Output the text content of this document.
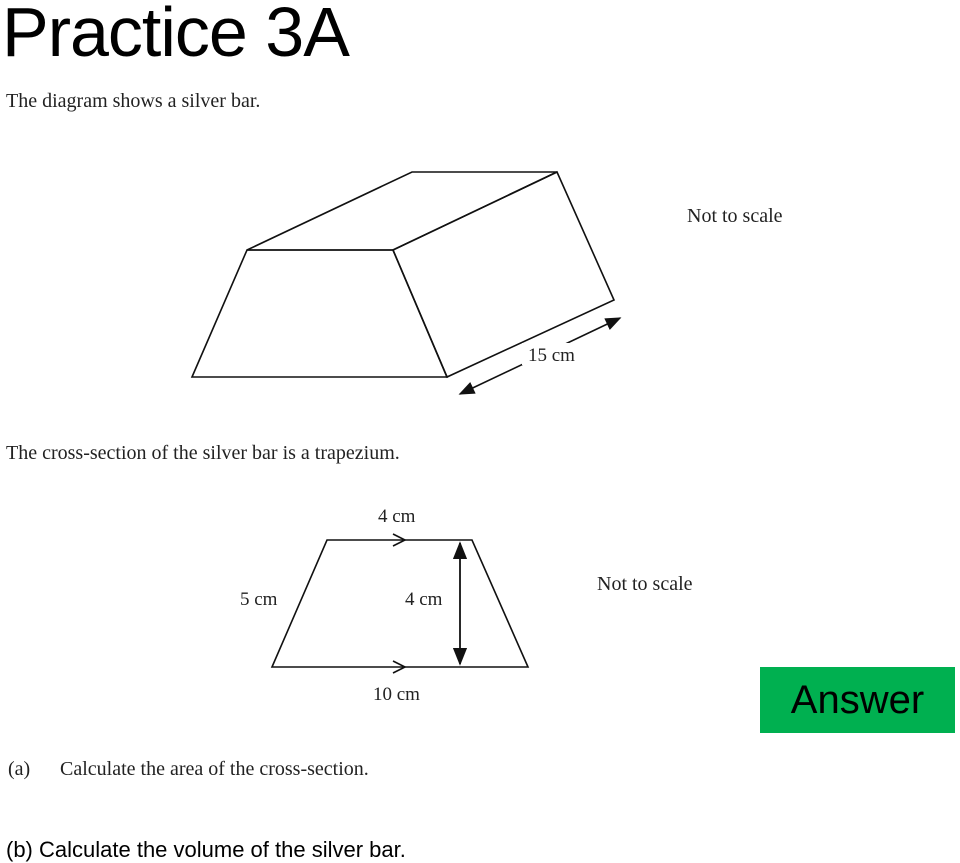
Practice 3A
The diagram shows a silver bar.
15 cm
Not to scale
4 cm
5 cm	4 cm
10 cm
Not to scale
The cross-section of the silver bar is a trapezium.
Answer
(a) Calculate the area of the cross-section.
(b) Calculate the volume of the silver bar.
